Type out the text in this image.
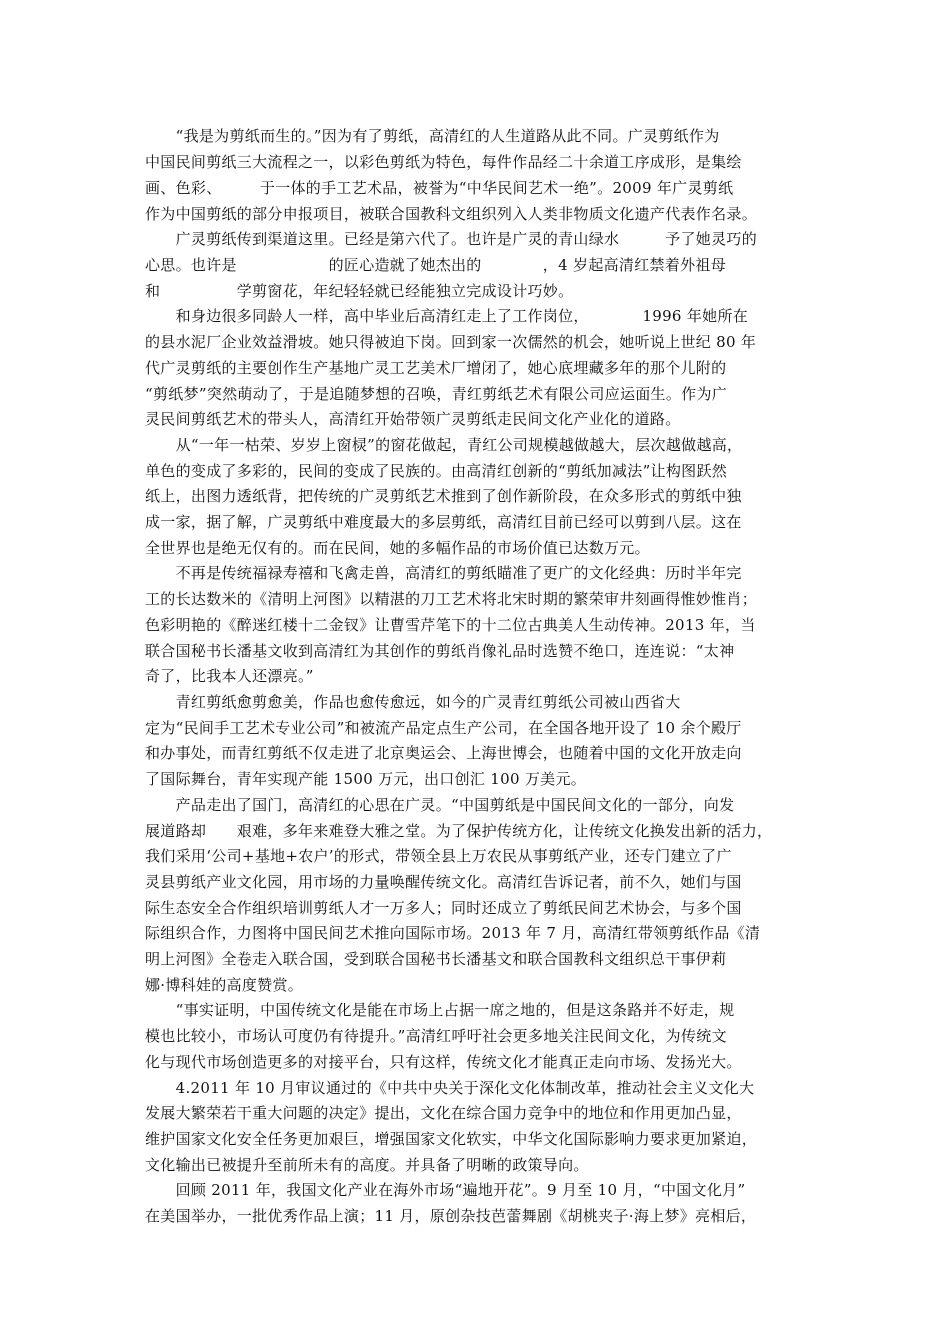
　　“我是为剪纸而生的。”因为有了剪纸，高清红的人生道路从此不同。广灵剪纸作为
中国民间剪纸三大流程之一，以彩色剪纸为特色，每件作品经二十余道工序成形，是集绘
画、色彩、　　　于一体的手工艺术品，被誉为“中华民间艺术一绝”。2009 年广灵剪纸
作为中国剪纸的部分申报项目，被联合国教科文组织列入人类非物质文化遗产代表作名录。
　　广灵剪纸传到渠道这里。已经是第六代了。也许是广灵的青山绿水　　　予了她灵巧的
心思。也许是　　　　　　的匠心造就了她杰出的　　　　，4 岁起高清红禁着外祖母
和　　　　　学剪窗花，年纪轻轻就已经能独立完成设计巧妙。
　　和身边很多同龄人一样，高中毕业后高清红走上了工作岗位，　　　　1996 年她所在
的县水泥厂企业效益滑坡。她只得被迫下岗。回到家一次儒然的机会，她听说上世纪 80 年
代广灵剪纸的主要创作生产基地广灵工艺美术厂增闭了，她心底埋藏多年的那个儿附的
“剪纸梦”突然萌动了，于是追随梦想的召唤，青红剪纸艺术有限公司应运面生。作为广
灵民间剪纸艺术的带头人，高清红开始带领广灵剪纸走民间文化产业化的道路。
　　从“一年一枯荣、岁岁上窗棂”的窗花做起，青红公司规模越做越大，层次越做越高，
单色的变成了多彩的，民间的变成了民族的。由高清红创新的“剪纸加减法”让构图跃然
纸上，出图力透纸背，把传统的广灵剪纸艺术推到了创作新阶段，在众多形式的剪纸中独
成一家，据了解，广灵剪纸中难度最大的多层剪纸，高清红目前已经可以剪到八层。这在
全世界也是绝无仅有的。而在民间，她的多幅作品的市场价值已达数万元。
　　不再是传统福禄寿禧和飞禽走兽，高清红的剪纸瞄准了更广的文化经典：历时半年完
工的长达数米的《清明上河图》以精湛的刀工艺术将北宋时期的繁荣审井刻画得惟妙惟肖；
色彩明艳的《醉迷红楼十二金钗》让曹雪芹笔下的十二位古典美人生动传神。2013 年，当
联合国秘书长潘基文收到高清红为其创作的剪纸肖像礼品时选赞不绝口，连连说：“太神
奇了，比我本人还漂亮。”
　　青红剪纸愈剪愈美，作品也愈传愈远，如今的广灵青红剪纸公司被山西省大
定为“民间手工艺术专业公司”和被流产品定点生产公司，在全国各地开设了 10 余个殿厅
和办事处，而青红剪纸不仅走进了北京奥运会、上海世博会，也随着中国的文化开放走向
了国际舞台，青年实现产能 1500 万元，出口创汇 100 万美元。
　　产品走出了国门，高清红的心思在广灵。“中国剪纸是中国民间文化的一部分，向发
展道路却　　艰难，多年来难登大雅之堂。为了保护传统方化，让传统文化换发出新的活力，
我们采用‘公司+基地+农户’的形式，带领全县上万农民从事剪纸产业，还专门建立了广
灵县剪纸产业文化园，用市场的力量唤醒传统文化。高清红告诉记者，前不久，她们与国
际生态安全合作组织培训剪纸人才一万多人；同时还成立了剪纸民间艺术协会，与多个国
际组织合作，力图将中国民间艺术推向国际市场。2013 年 7 月，高清红带领剪纸作品《清
明上河图》全卷走入联合国，受到联合国秘书长潘基文和联合国教科文组织总干事伊莉
娜·博科娃的高度赞赏。
　　“事实证明，中国传统文化是能在市场上占据一席之地的，但是这条路并不好走，规
模也比较小，市场认可度仍有待提升。”高清红呼吁社会更多地关注民间文化，为传统文
化与现代市场创造更多的对接平台，只有这样，传统文化才能真正走向市场、发扬光大。
　　4.2011 年 10 月审议通过的《中共中央关于深化文化体制改革，推动社会主义文化大
发展大繁荣若干重大问题的决定》提出，文化在综合国力竞争中的地位和作用更加凸显，
维护国家文化安全任务更加艰巨，增强国家文化软实，中华文化国际影响力要求更加紧迫，
文化输出已被提升至前所未有的高度。并具备了明晰的政策导向。
　　回顾 2011 年，我国文化产业在海外市场“遍地开花”。9 月至 10 月，“中国文化月”
在美国举办，一批优秀作品上演；11 月，原创杂技芭蕾舞剧《胡桃夹子·海上梦》亮相后，
